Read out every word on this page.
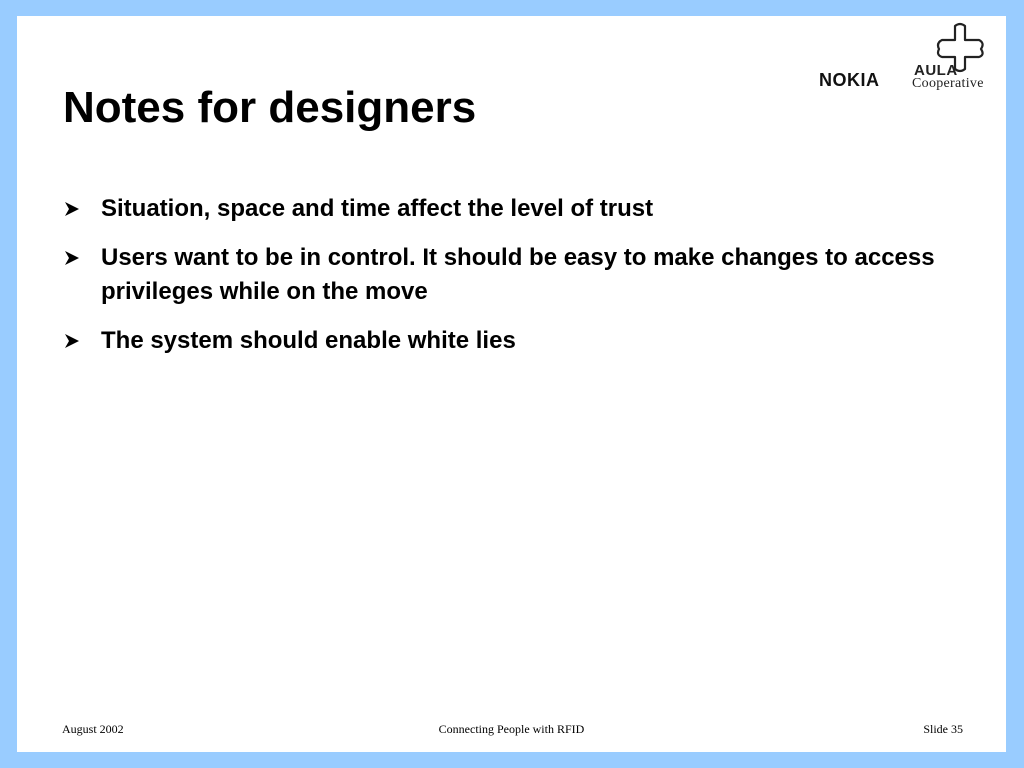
Notes for designers
NOKIA AULA
Cooperative
Situation, space and time affect the level of trust
Users want to be in control. It should be easy to make changes to access privileges while on the move
The system should enable white lies
August 2002	Connecting People with RFID	Slide 35
